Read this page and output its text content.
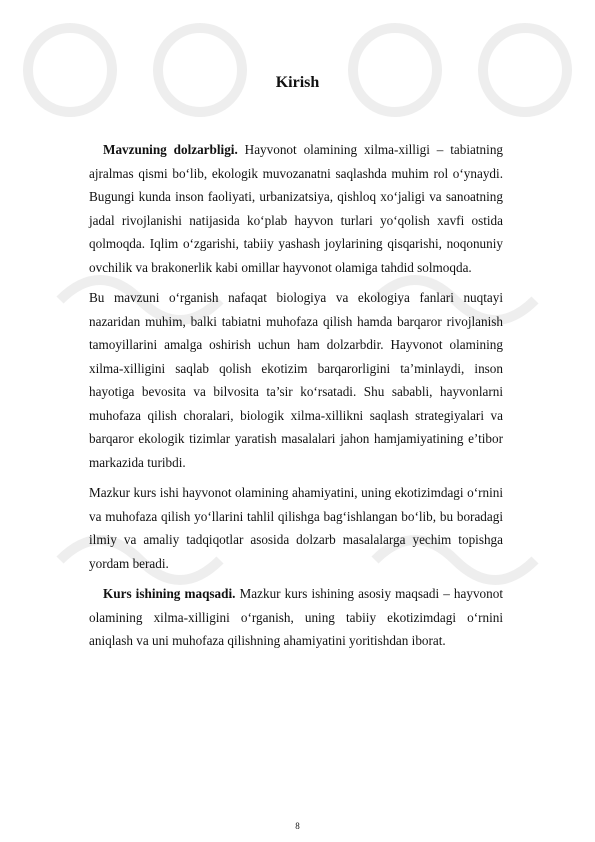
Kirish

Mavzuning dolzarbligi. Hayvonot olamining xilma-xilligi – tabiatning ajralmas qismi bo‘lib, ekologik muvozanatni saqlashda muhim rol o‘ynaydi. Bugungi kunda inson faoliyati, urbanizatsiya, qishloq xo‘jaligi va sanoatning jadal rivojlanishi natijasida ko‘plab hayvon turlari yo‘qolish xavfi ostida qolmoqda. Iqlim o‘zgarishi, tabiiy yashash joylarining qisqarishi, noqonuniy ovchilik va brakonerlik kabi omillar hayvonot olamiga tahdid solmoqda.

Bu mavzuni o‘rganish nafaqat biologiya va ekologiya fanlari nuqtayi nazaridan muhim, balki tabiatni muhofaza qilish hamda barqaror rivojlanish tamoyillarini amalga oshirish uchun ham dolzarbdir. Hayvonot olamining xilma-xilligini saqlab qolish ekotizim barqarorligini ta’minlaydi, inson hayotiga bevosita va bilvosita ta’sir ko‘rsatadi. Shu sababli, hayvonlarni muhofaza qilish choralari, biologik xilma-xillikni saqlash strategiyalari va barqaror ekologik tizimlar yaratish masalalari jahon hamjamiyatining e’tibor markazida turibdi.

Mazkur kurs ishi hayvonot olamining ahamiyatini, uning ekotizimdagi o‘rnini va muhofaza qilish yo‘llarini tahlil qilishga bag‘ishlangan bo‘lib, bu boradagi ilmiy va amaliy tadqiqotlar asosida dolzarb masalalarga yechim topishga yordam beradi.

Kurs ishining maqsadi. Mazkur kurs ishining asosiy maqsadi – hayvonot olamining xilma-xilligini o‘rganish, uning tabiiy ekotizimdagi o‘rnini aniqlash va uni muhofaza qilishning ahamiyatini yoritishdan iborat.

8
